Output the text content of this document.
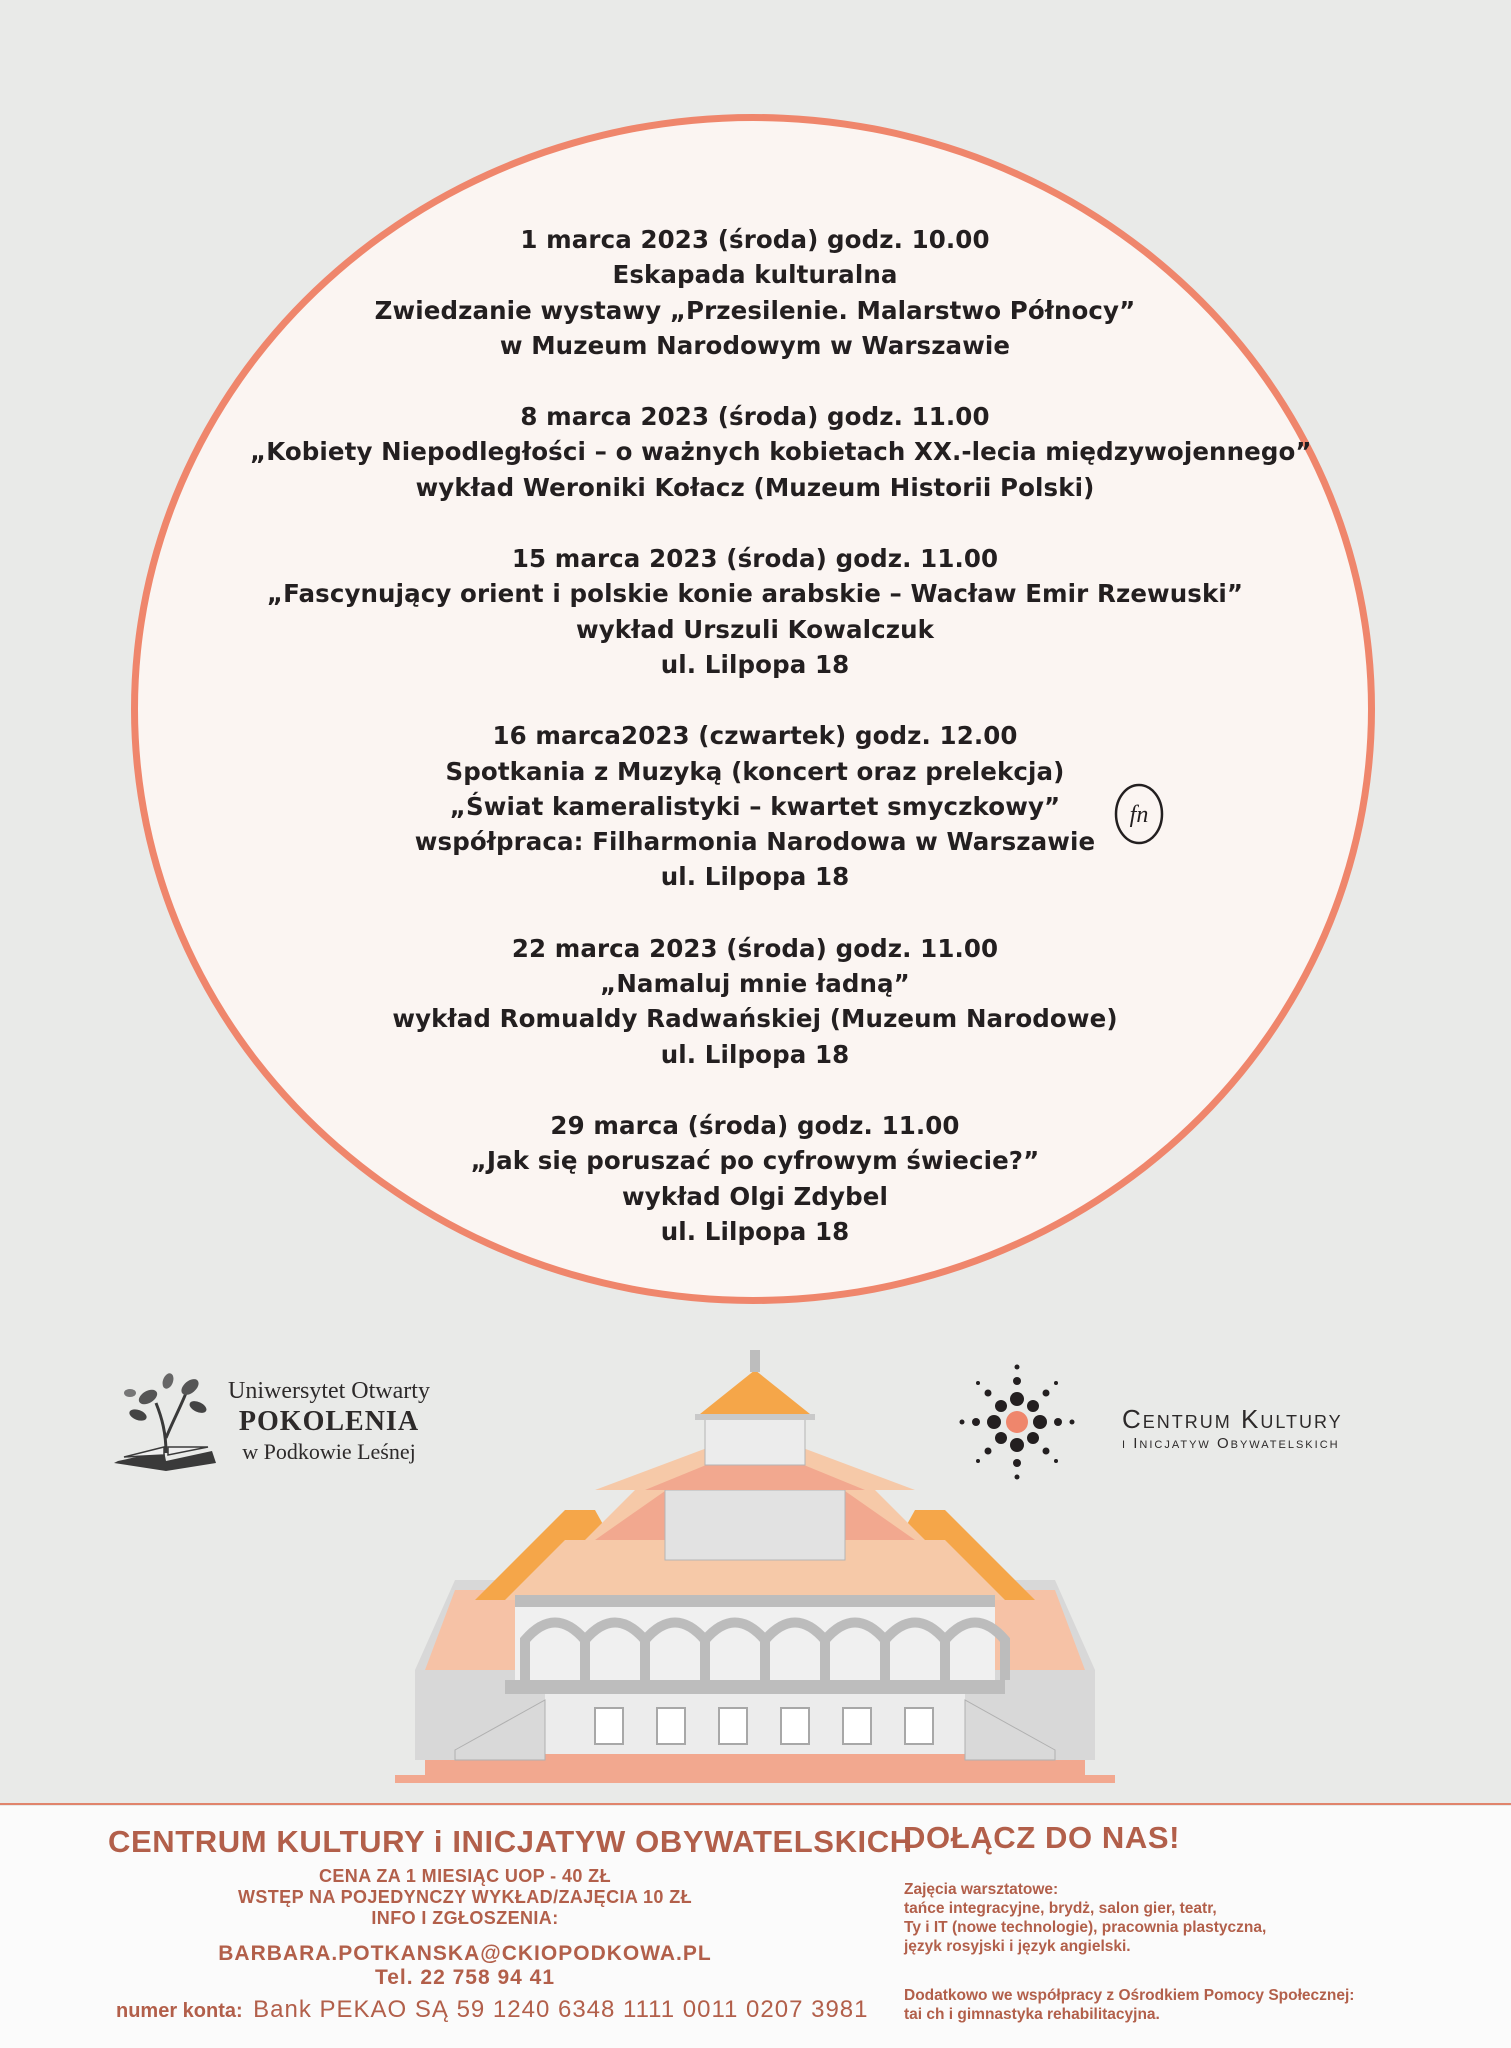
1 marca 2023 (środa) godz. 10.00
Eskapada kulturalna
Zwiedzanie wystawy „Przesilenie. Malarstwo Północy”
w Muzeum Narodowym w Warszawie
8 marca 2023 (środa) godz. 11.00
„Kobiety Niepodległości – o ważnych kobietach XX.-lecia międzywojennego”
wykład Weroniki Kołacz (Muzeum Historii Polski)
15 marca 2023 (środa) godz. 11.00
„Fascynujący orient i polskie konie arabskie – Wacław Emir Rzewuski”
wykład Urszuli Kowalczuk
ul. Lilpopa 18
16 marca2023 (czwartek) godz. 12.00
Spotkania z Muzyką (koncert oraz prelekcja)
„Świat kameralistyki – kwartet smyczkowy”
współpraca: Filharmonia Narodowa w Warszawie
ul. Lilpopa 18
22 marca 2023 (środa) godz. 11.00
„Namaluj mnie ładną”
wykład Romualdy Radwańskiej (Muzeum Narodowe)
ul. Lilpopa 18
29 marca (środa) godz. 11.00
„Jak się poruszać po cyfrowym świecie?”
wykład Olgi Zdybel
ul. Lilpopa 18
fn
Uniwersytet Otwarty
POKOLENIA
w Podkowie Leśnej
Centrum Kultury
i Inicjatyw Obywatelskich
CENTRUM KULTURY i INICJATYW OBYWATELSKICH
DOŁĄCZ DO NAS!
CENA ZA 1 MIESIĄC UOP - 40 ZŁ
WSTĘP NA POJEDYNCZY WYKŁAD/ZAJĘCIA 10 ZŁ
INFO I ZGŁOSZENIA:
BARBARA.POTKANSKA@CKIOPODKOWA.PL
Tel. 22 758 94 41
numer konta: Bank PEKAO SĄ 59 1240 6348 1111 0011 0207 3981
Zajęcia warsztatowe:
tańce integracyjne, brydż, salon gier, teatr,
Ty i IT (nowe technologie), pracownia plastyczna,
język rosyjski i język angielski.
Dodatkowo we współpracy z Ośrodkiem Pomocy Społecznej:
tai ch i gimnastyka rehabilitacyjna.
